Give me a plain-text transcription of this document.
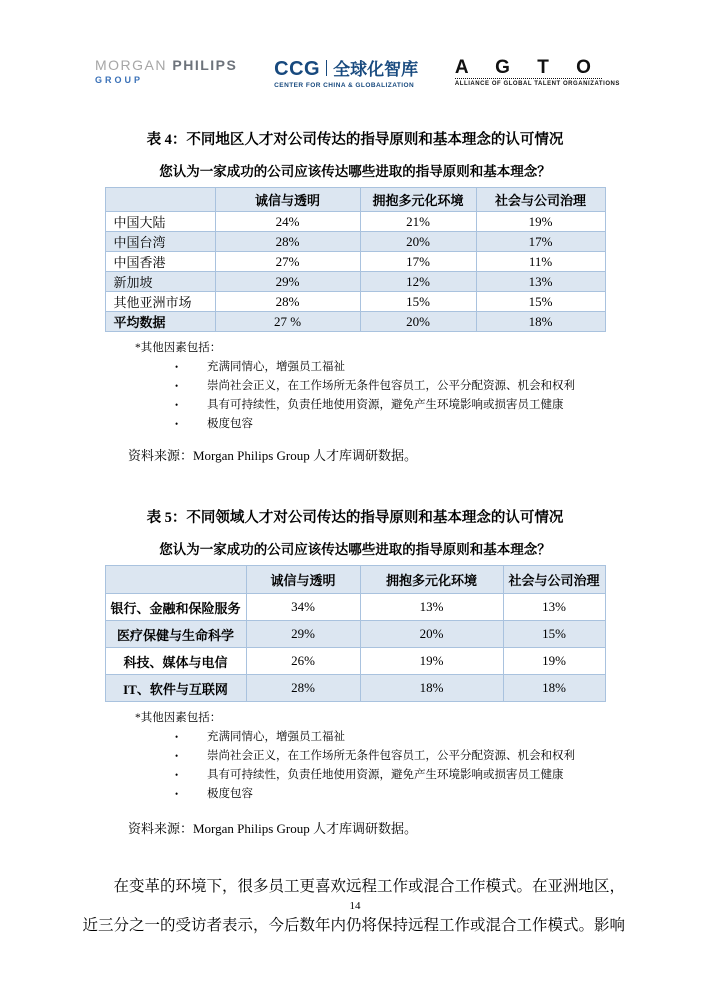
MORGAN PHILIPS
GROUP	CCG 全球化智库
CENTER FOR CHINA & GLOBALIZATION
A G T O
ALLIANCE OF GLOBAL TALENT ORGANIZATIONS
表 4：不同地区人才对公司传达的指导原则和基本理念的认可情况
您认为一家成功的公司应该传达哪些进取的指导原则和基本理念？
	诚信与透明	拥抱多元化环境	社会与公司治理
中国大陆	24%	21%	19%
中国台湾	28%	20%	17%
中国香港	27%	17%	11%
新加坡	29%	12%	13%
其他亚洲市场	28%	15%	15%
平均数据	27 %	20%	18%
*其他因素包括：
•	充满同情心，增强员工福祉
•	崇尚社会正义，在工作场所无条件包容员工，公平分配资源、机会和权利
•	具有可持续性，负责任地使用资源，避免产生环境影响或损害员工健康
•	极度包容
资料来源：Morgan Philips Group 人才库调研数据。
表 5：不同领域人才对公司传达的指导原则和基本理念的认可情况
您认为一家成功的公司应该传达哪些进取的指导原则和基本理念？
	诚信与透明	拥抱多元化环境	社会与公司治理
银行、金融和保险服务	34%	13%	13%
医疗保健与生命科学	29%	20%	15%
科技、媒体与电信	26%	19%	19%
IT、软件与互联网	28%	18%	18%
*其他因素包括：
•	充满同情心，增强员工福祉
•	崇尚社会正义，在工作场所无条件包容员工，公平分配资源、机会和权利
•	具有可持续性，负责任地使用资源，避免产生环境影响或损害员工健康
•	极度包容
资料来源：Morgan Philips Group 人才库调研数据。
在变革的环境下，很多员工更喜欢远程工作或混合工作模式。在亚洲地区，
近三分之一的受访者表示，今后数年内仍将保持远程工作或混合工作模式。影响
14
